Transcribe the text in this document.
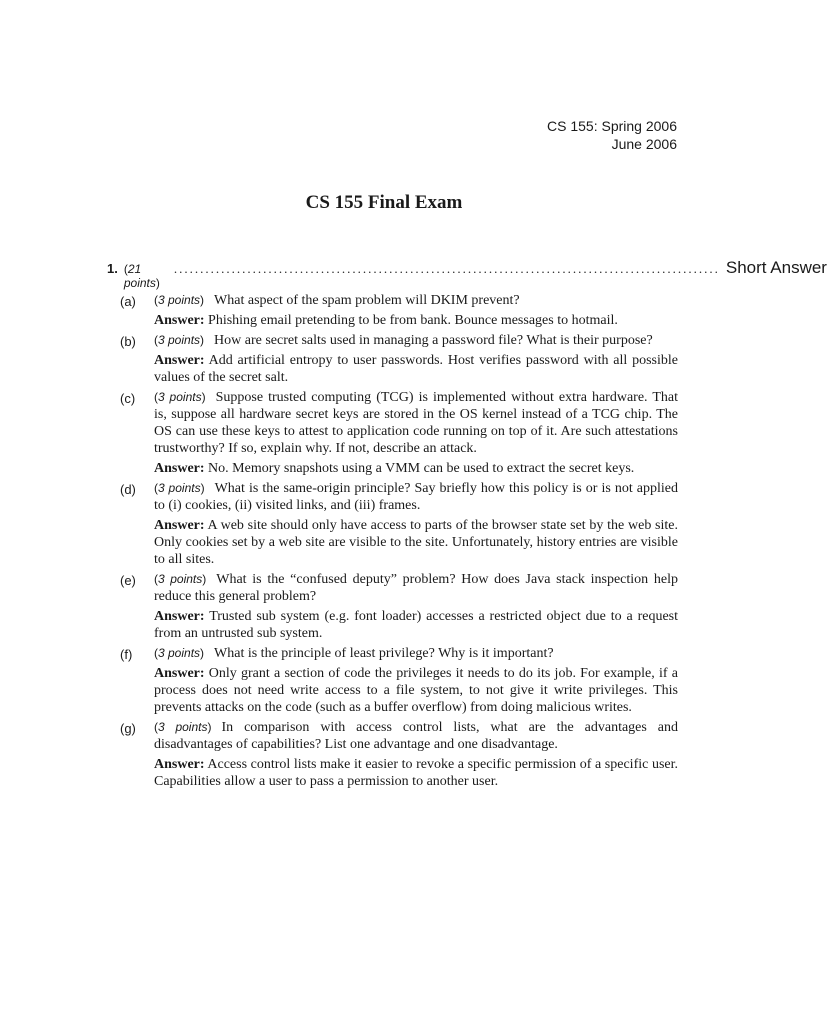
CS 155: Spring 2006
June 2006
CS 155 Final Exam
1. (21 points)
........................................................................................................ Short Answer
(a)	(3 points) What aspect of the spam problem will DKIM prevent?
Answer: Phishing email pretending to be from bank. Bounce messages to hotmail.
(b)	(3 points) How are secret salts used in managing a password file? What is their purpose?
Answer: Add artificial entropy to user passwords. Host verifies password with all possible values of the secret salt.
(c)	(3 points) Suppose trusted computing (TCG) is implemented without extra hardware. That is, suppose all hardware secret keys are stored in the OS kernel instead of a TCG chip. The OS can use these keys to attest to application code running on top of it. Are such attestations trustworthy? If so, explain why. If not, describe an attack.
Answer: No. Memory snapshots using a VMM can be used to extract the secret keys.
(d)	(3 points) What is the same-origin principle? Say briefly how this policy is or is not applied to (i) cookies, (ii) visited links, and (iii) frames.
Answer: A web site should only have access to parts of the browser state set by the web site. Only cookies set by a web site are visible to the site. Unfortunately, history entries are visible to all sites.
(e)	(3 points) What is the “confused deputy” problem? How does Java stack inspection help reduce this general problem?
Answer: Trusted sub system (e.g. font loader) accesses a restricted object due to a request from an untrusted sub system.
(f)	(3 points) What is the principle of least privilege? Why is it important?
Answer: Only grant a section of code the privileges it needs to do its job. For example, if a process does not need write access to a file system, to not give it write privileges. This prevents attacks on the code (such as a buffer overflow) from doing malicious writes.
(g)	(3 points) In comparison with access control lists, what are the advantages and disadvantages of capabilities? List one advantage and one disadvantage.
Answer: Access control lists make it easier to revoke a specific permission of a specific user. Capabilities allow a user to pass a permission to another user.
